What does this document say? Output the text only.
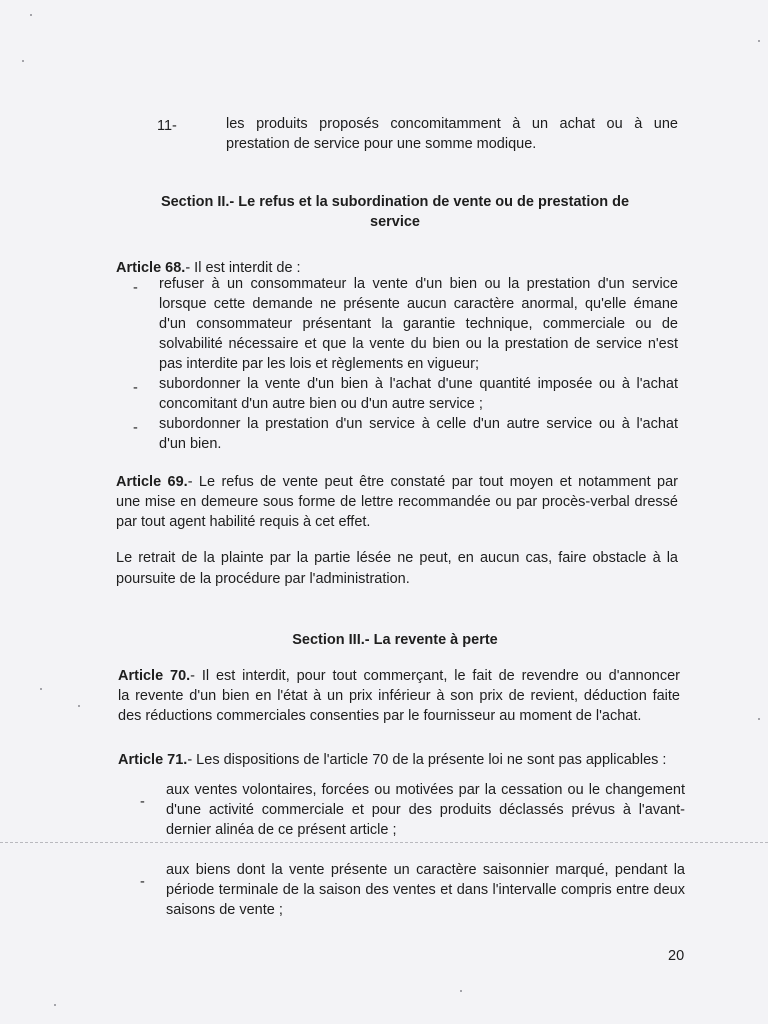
11-	les produits proposés concomitamment à un achat ou à une
prestation de service pour une somme modique.
Section II.- Le refus et la subordination de vente ou de prestation de
service
Article 68.- Il est interdit de :
- refuser à un consommateur la vente d'un bien ou la prestation d'un service
lorsque cette demande ne présente aucun caractère anormal, qu'elle émane
d'un consommateur présentant la garantie technique, commerciale ou de
solvabilité nécessaire et que la vente du bien ou la prestation de service n'est
pas interdite par les lois et règlements en vigueur;
- subordonner la vente d'un bien à l'achat d'une quantité imposée ou à l'achat
concomitant d'un autre bien ou d'un autre service ;
- subordonner la prestation d'un service à celle d'un autre service ou à l'achat
d'un bien.
Article 69.- Le refus de vente peut être constaté par tout moyen et notamment par
une mise en demeure sous forme de lettre recommandée ou par procès-verbal dressé
par tout agent habilité requis à cet effet.
Le retrait de la plainte par la partie lésée ne peut, en aucun cas, faire obstacle à la
poursuite de la procédure par l'administration.
Section III.- La revente à perte
Article 70.- Il est interdit, pour tout commerçant, le fait de revendre ou d'annoncer
la revente d'un bien en l'état à un prix inférieur à son prix de revient, déduction faite
des réductions commerciales consenties par le fournisseur au moment de l'achat.
Article 71.- Les dispositions de l'article 70 de la présente loi ne sont pas applicables :
-
aux ventes volontaires, forcées ou motivées par la cessation ou le changement
d'une activité commerciale et pour des produits déclassés prévus à l'avant-
dernier alinéa de ce présent article ;
-
aux biens dont la vente présente un caractère saisonnier marqué, pendant la
période terminale de la saison des ventes et dans l'intervalle compris entre deux
saisons de vente ;
20
